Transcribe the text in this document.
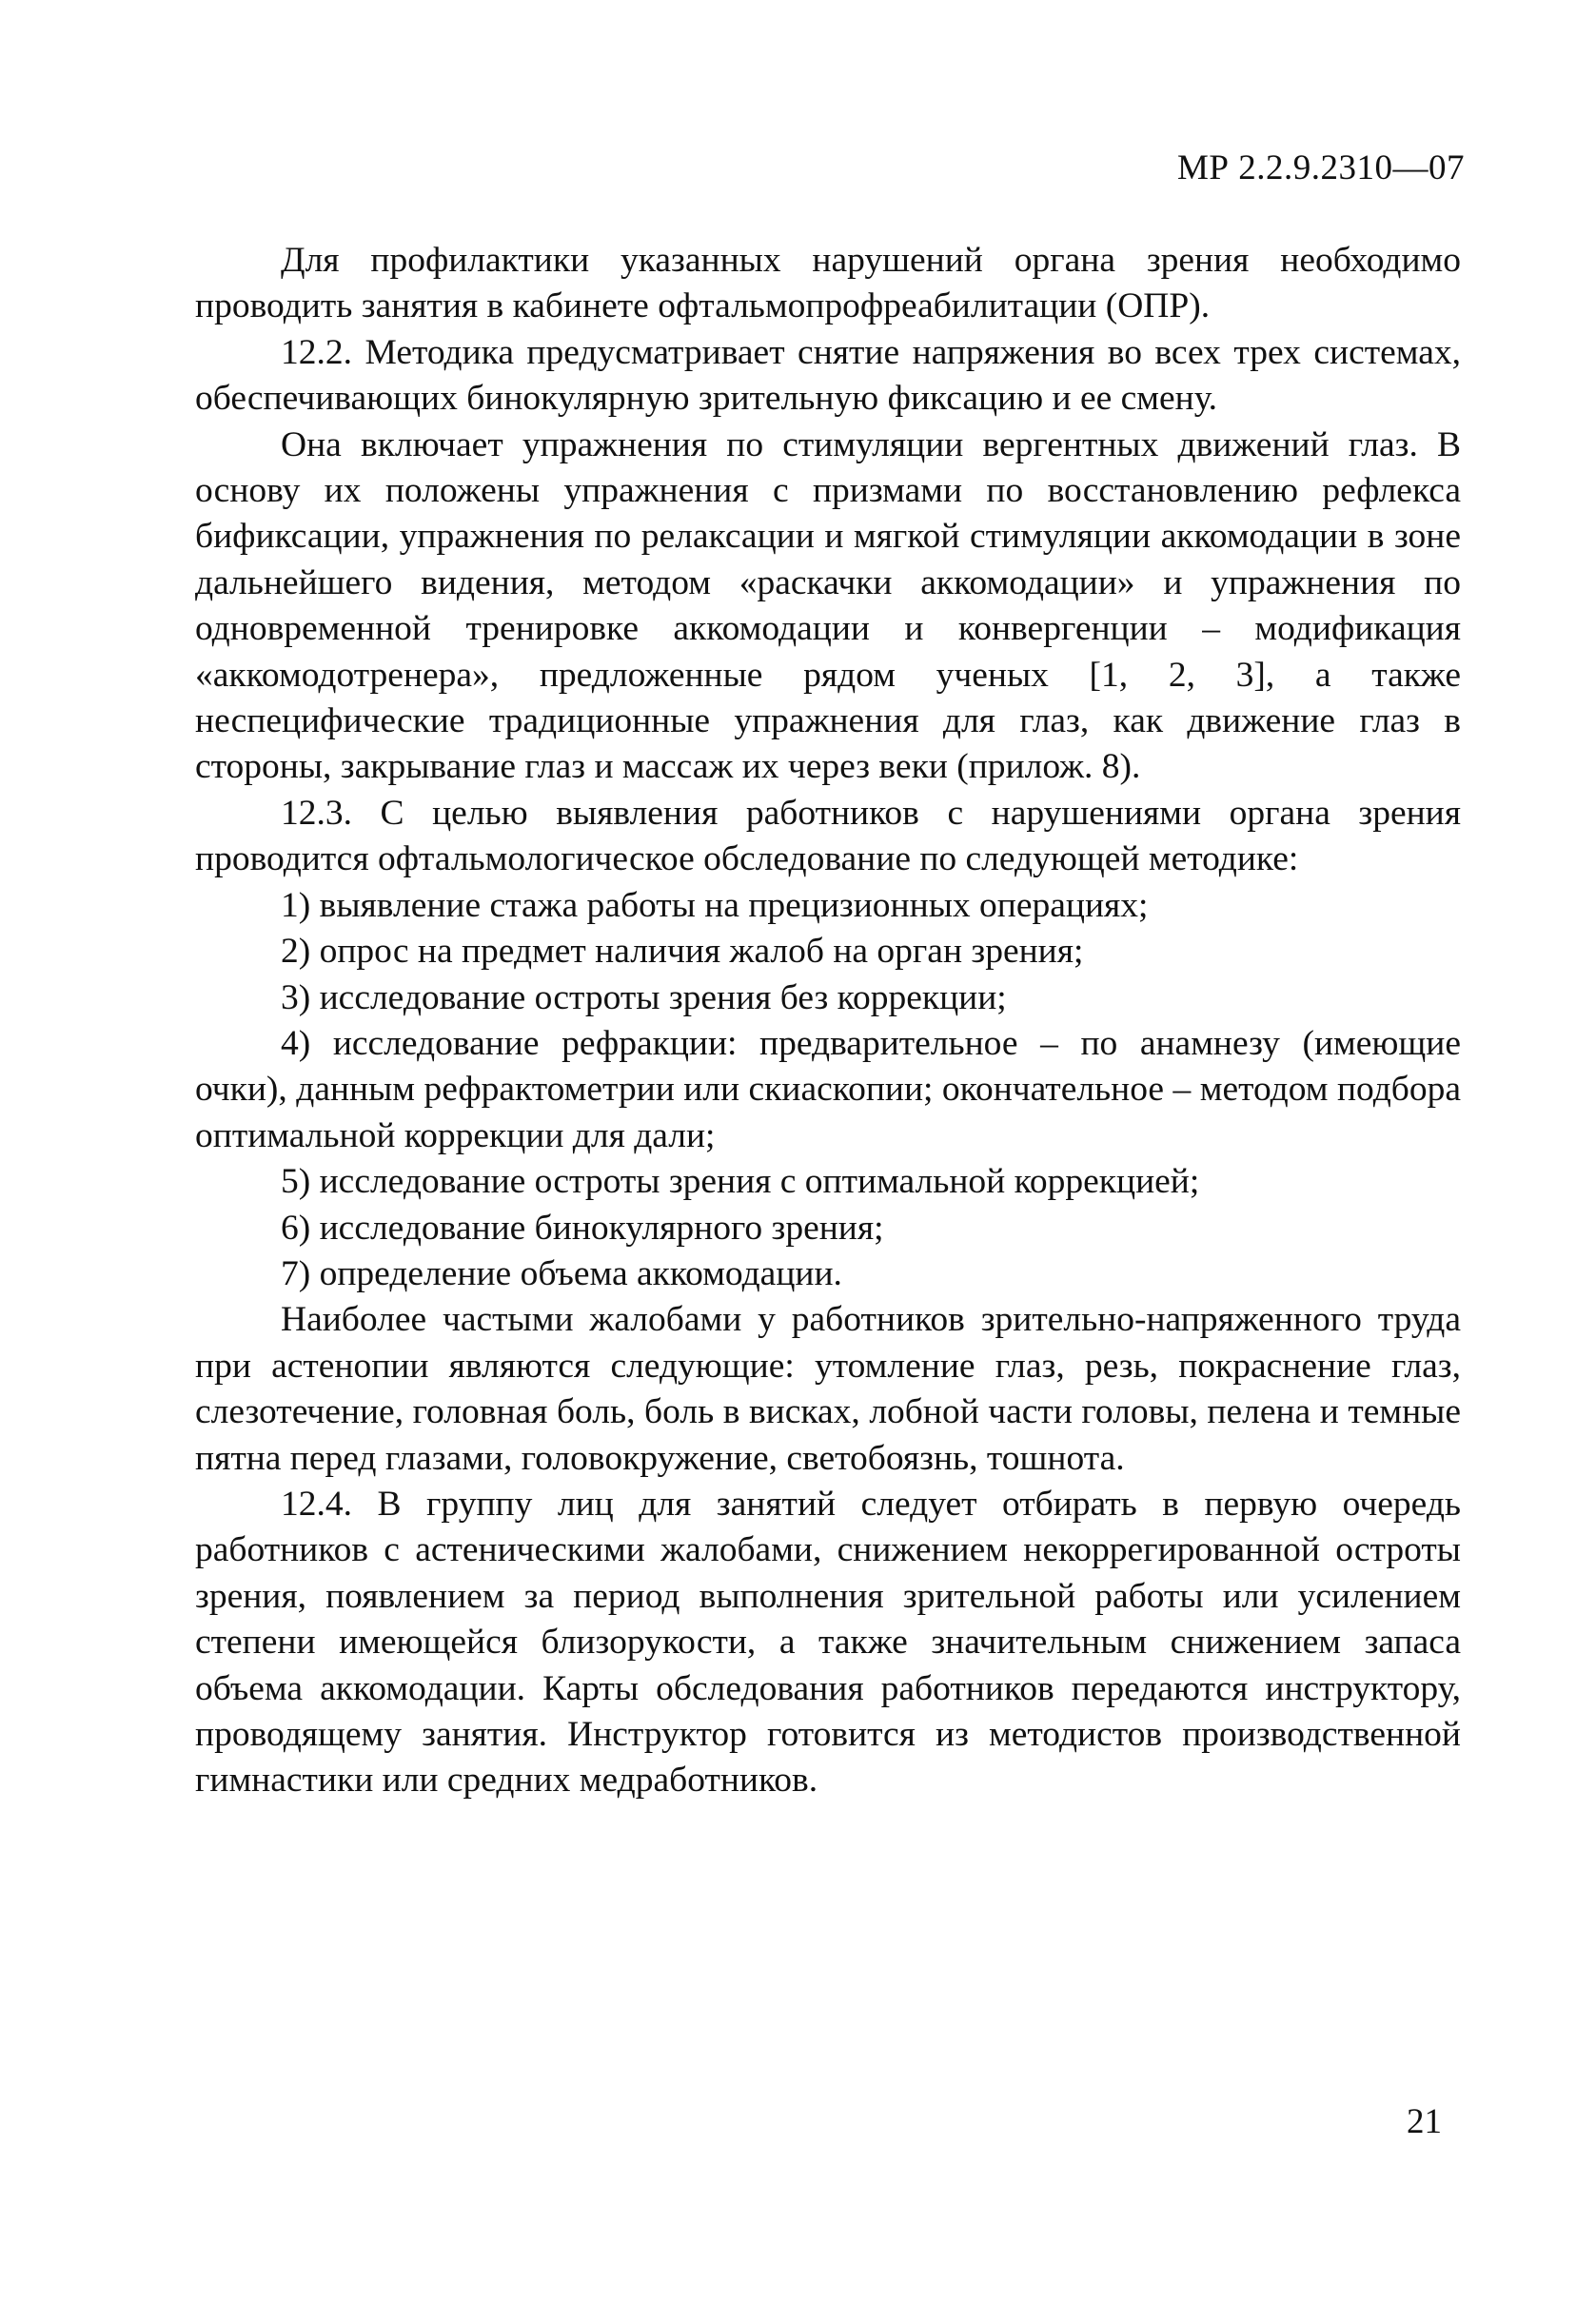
МР 2.2.9.2310—07

Для профилактики указанных нарушений органа зрения необходимо проводить занятия в кабинете офтальмопрофреабилитации (ОПР).

12.2. Методика предусматривает снятие напряжения во всех трех системах, обеспечивающих бинокулярную зрительную фиксацию и ее смену.

Она включает упражнения по стимуляции вергентных движений глаз. В основу их положены упражнения с призмами по восстановлению рефлекса бификсации, упражнения по релаксации и мягкой стимуляции аккомодации в зоне дальнейшего видения, методом «раскачки аккомодации» и упражнения по одновременной тренировке аккомодации и конвергенции – модификация «аккомодотренера», предложенные рядом ученых [1, 2, 3], а также неспецифические традиционные упражнения для глаз, как движение глаз в стороны, закрывание глаз и массаж их через веки (прилож. 8).

12.3. С целью выявления работников с нарушениями органа зрения проводится офтальмологическое обследование по следующей методике:

1) выявление стажа работы на прецизионных операциях;

2) опрос на предмет наличия жалоб на орган зрения;

3) исследование остроты зрения без коррекции;

4) исследование рефракции: предварительное – по анамнезу (имеющие очки), данным рефрактометрии или скиаскопии; окончательное – методом подбора оптимальной коррекции для дали;

5) исследование остроты зрения с оптимальной коррекцией;

6) исследование бинокулярного зрения;

7) определение объема аккомодации.

Наиболее частыми жалобами у работников зрительно-напряженного труда при астенопии являются следующие: утомление глаз, резь, покраснение глаз, слезотечение, головная боль, боль в висках, лобной части головы, пелена и темные пятна перед глазами, головокружение, светобоязнь, тошнота.

12.4. В группу лиц для занятий следует отбирать в первую очередь работников с астеническими жалобами, снижением некоррегированной остроты зрения, появлением за период выполнения зрительной работы или усилением степени имеющейся близорукости, а также значительным снижением запаса объема аккомодации. Карты обследования работников передаются инструктору, проводящему занятия. Инструктор готовится из методистов производственной гимнастики или средних медработников.

21
